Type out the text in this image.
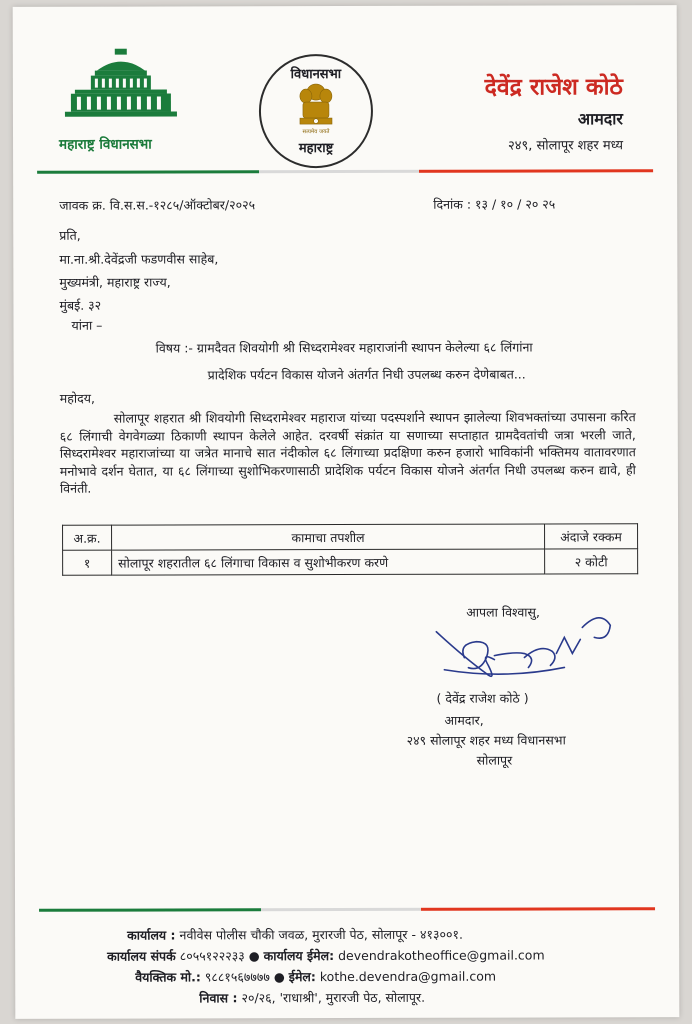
महाराष्ट्र विधानसभा
विधानसभा
सत्यमेव जयते
महाराष्ट्र
देवेंद्र राजेश कोठे
आमदार
२४९, सोलापूर शहर मध्य
जावक क्र. वि.स.स.-१२८५/ऑक्टोबर/२०२५	दिनांक : १३ / १० / २० २५
प्रति,
मा.ना.श्री.देवेंद्रजी फडणवीस साहेब,
मुख्यमंत्री, महाराष्ट्र राज्य,
मुंबई. ३२
यांना –
विषय :- ग्रामदैवत शिवयोगी श्री सिध्दरामेश्वर महाराजांनी स्थापन केलेल्या ६८ लिंगांना
प्रादेशिक पर्यटन विकास योजने अंतर्गत निधी उपलब्ध करुन देणेबाबत...
महोदय,
सोलापूर शहरात श्री शिवयोगी सिध्दरामेश्वर महाराज यांच्या पदस्पर्शाने स्थापन झालेल्या शिवभक्तांच्या उपासना करित ६८ लिंगाची वेगवेगळ्या ठिकाणी स्थापन केलेले आहेत. दरवर्षी संक्रांत या सणाच्या सप्ताहात ग्रामदैवतांची जत्रा भरली जाते, सिध्दरामेश्वर महाराजांच्या या जत्रेत मानाचे सात नंदीकोल ६८ लिंगाच्या प्रदक्षिणा करुन हजारो भाविकांनी भक्तिमय वातावरणात मनोभावे दर्शन घेतात, या ६८ लिंगाच्या सुशोभिकरणासाठी प्रादेशिक पर्यटन विकास योजने अंतर्गत निधी उपलब्ध करुन द्यावे, ही विनंती.
अ.क्र.	कामाचा तपशील	अंदाजे रक्कम
१	सोलापूर शहरातील ६८ लिंगाचा विकास व सुशोभीकरण करणे	२ कोटी
आपला विश्वासु,
( देवेंद्र राजेश कोठे )
आमदार,
२४९ सोलापूर शहर मध्य विधानसभा
सोलापूर
कार्यालय : नवीवेस पोलीस चौकी जवळ, मुरारजी पेठ, सोलापूर - ४१३००१.
कार्यालय संपर्क ८०५५१२२२३३ ● कार्यालय ईमेल: devendrakotheoffice@gmail.com
वैयक्तिक मो.: ९८८१५६७७७७ ● ईमेल: kothe.devendra@gmail.com
निवास : २०/२६, 'राधाश्री', मुरारजी पेठ, सोलापूर.
